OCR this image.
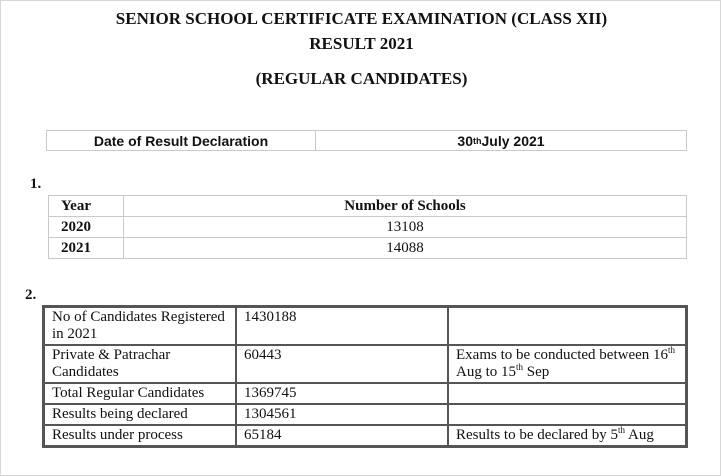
SENIOR SCHOOL CERTIFICATE EXAMINATION (CLASS XII)
RESULT 2021
(REGULAR CANDIDATES)
Date of Result Declaration	30 th July 2021
1.
Year	Number of Schools
2020	13108
2021	14088
2.
No of Candidates Registered in 2021	1430188	
Private & Patrachar Candidates	60443	Exams to be conducted between 16th Aug to 15th Sep
Total Regular Candidates	1369745	
Results being declared	1304561	
Results under process	65184	Results to be declared by 5th Aug
